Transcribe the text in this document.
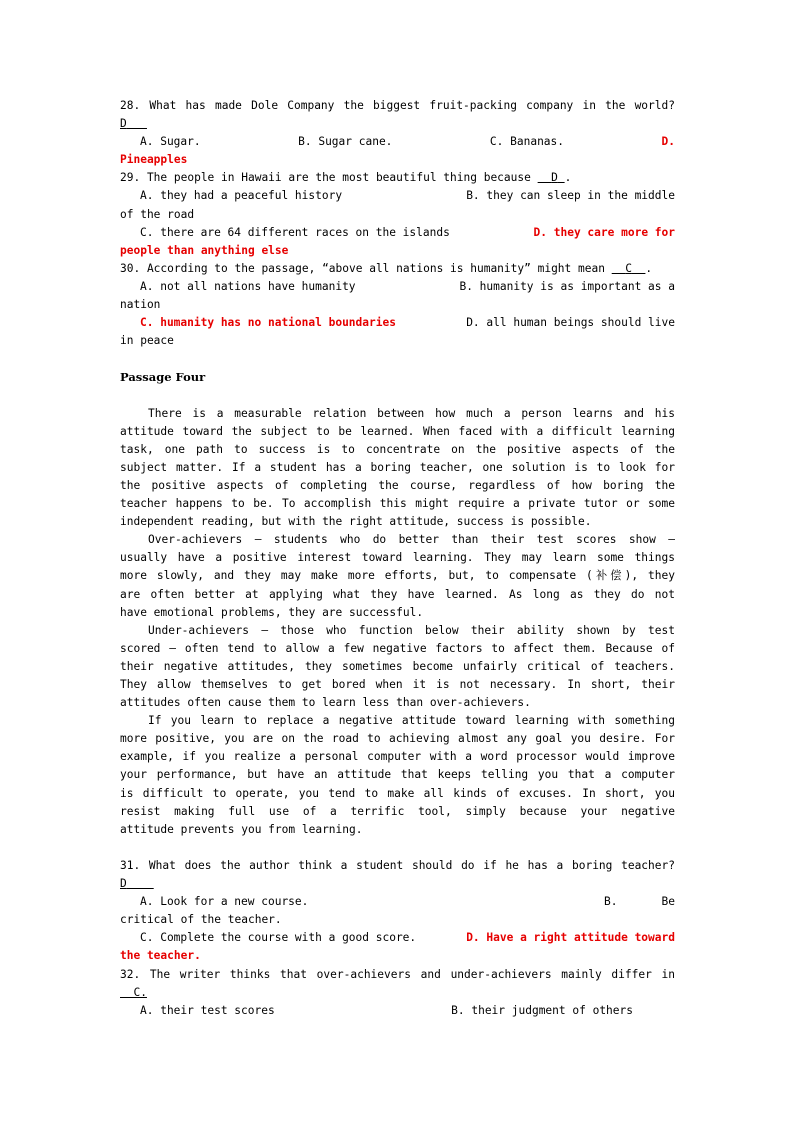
28. What has made Dole Company the biggest fruit-packing company in the world?
D
A. Sugar.	B. Sugar cane.	C. Bananas.	D.
Pineapples
29. The people in Hawaii are the most beautiful thing because D .
A. they had a peaceful history	B. they can sleep in the middle
of the road
C. there are 64 different races on the islands	D. they care more for
people than anything else
30. According to the passage, “above all nations is humanity” might mean C .
A. not all nations have humanity	B. humanity is as important as a
nation
C. humanity has no national boundaries	D. all human beings should live
in peace
Passage Four
There is a measurable relation between how much a person learns and his
attitude toward the subject to be learned. When faced with a difficult learning
task, one path to success is to concentrate on the positive aspects of the
subject matter. If a student has a boring teacher, one solution is to look for
the positive aspects of completing the course, regardless of how boring the
teacher happens to be. To accomplish this might require a private tutor or some
independent reading, but with the right attitude, success is possible.
Over-achievers – students who do better than their test scores show –
usually have a positive interest toward learning. They may learn some things
more slowly, and they may make more efforts, but, to compensate (补偿), they
are often better at applying what they have learned. As long as they do not
have emotional problems, they are successful.
Under-achievers – those who function below their ability shown by test
scored – often tend to allow a few negative factors to affect them. Because of
their negative attitudes, they sometimes become unfairly critical of teachers.
They allow themselves to get bored when it is not necessary. In short, their
attitudes often cause them to learn less than over-achievers.
If you learn to replace a negative attitude toward learning with something
more positive, you are on the road to achieving almost any goal you desire. For
example, if you realize a personal computer with a word processor would improve
your performance, but have an attitude that keeps telling you that a computer
is difficult to operate, you tend to make all kinds of excuses. In short, you
resist making full use of a terrific tool, simply because your negative
attitude prevents you from learning.
31. What does the author think a student should do if he has a boring teacher?
D
A. Look for a new course.	B.	Be
critical of the teacher.
C. Complete the course with a good score.	D. Have a right attitude toward
the teacher.
32. The writer thinks that over-achievers and under-achievers mainly differ in
C.
A. their test scores	B. their judgment of others
